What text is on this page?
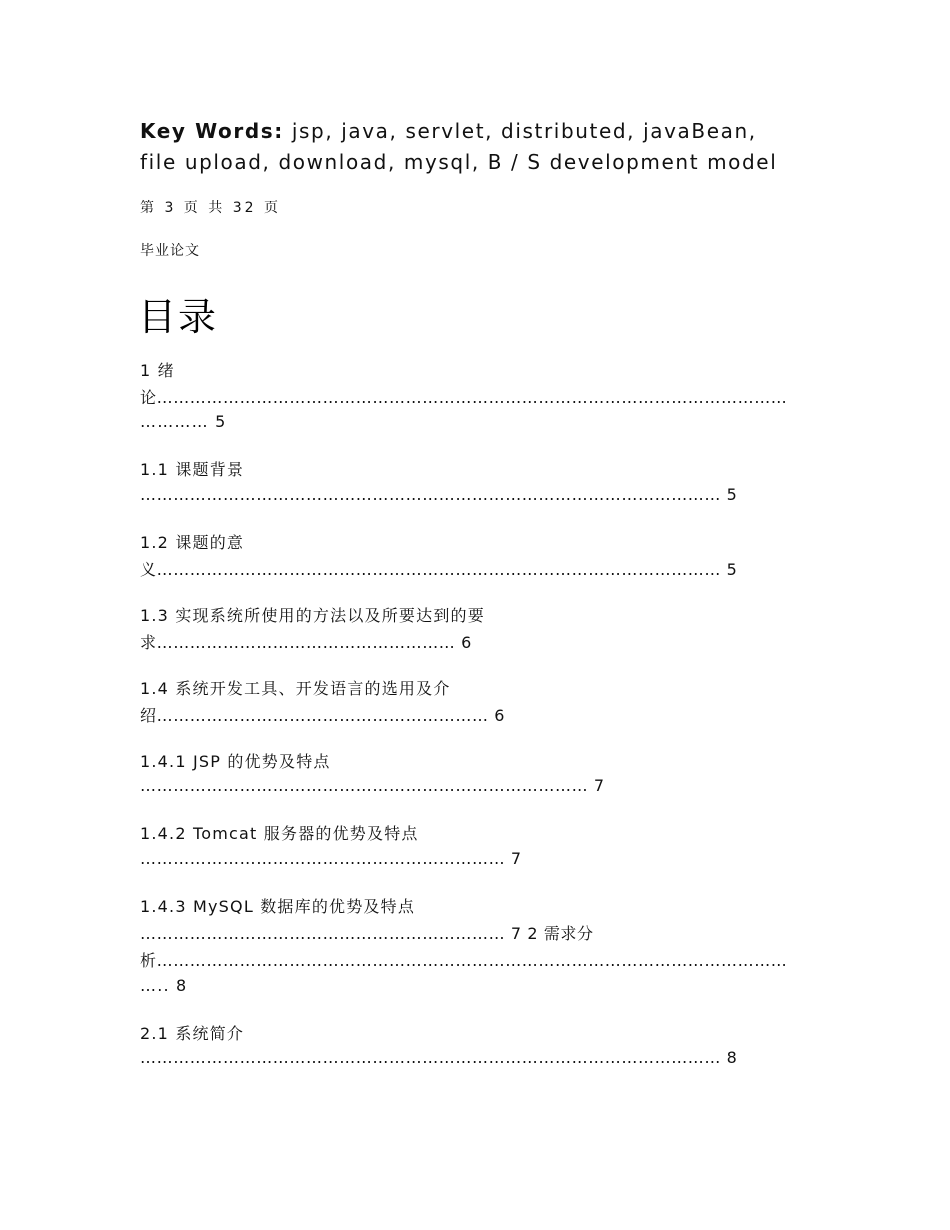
Key Words: jsp, java, servlet, distributed, javaBean, file upload, download, mysql, B / S development model
第 3 页 共 32 页
毕业论文
目录
1 绪
论……………………………………………………………………………………………………
………… 5
1.1 课题背景
…………………………………………………………………………………………… 5
1.2 课题的意
义………………………………………………………………………………………… 5
1.3 实现系统所使用的方法以及所要达到的要
求……………………………………………… 6
1.4 系统开发工具、开发语言的选用及介
绍…………………………………………………… 6
1.4.1 JSP 的优势及特点
……………………………………………………………………… 7
1.4.2 Tomcat 服务器的优势及特点
………………………………………………………… 7
1.4.3 MySQL 数据库的优势及特点
………………………………………………………… 7 2 需求分
析……………………………………………………………………………………………………
….. 8
2.1 系统简介
…………………………………………………………………………………………… 8
